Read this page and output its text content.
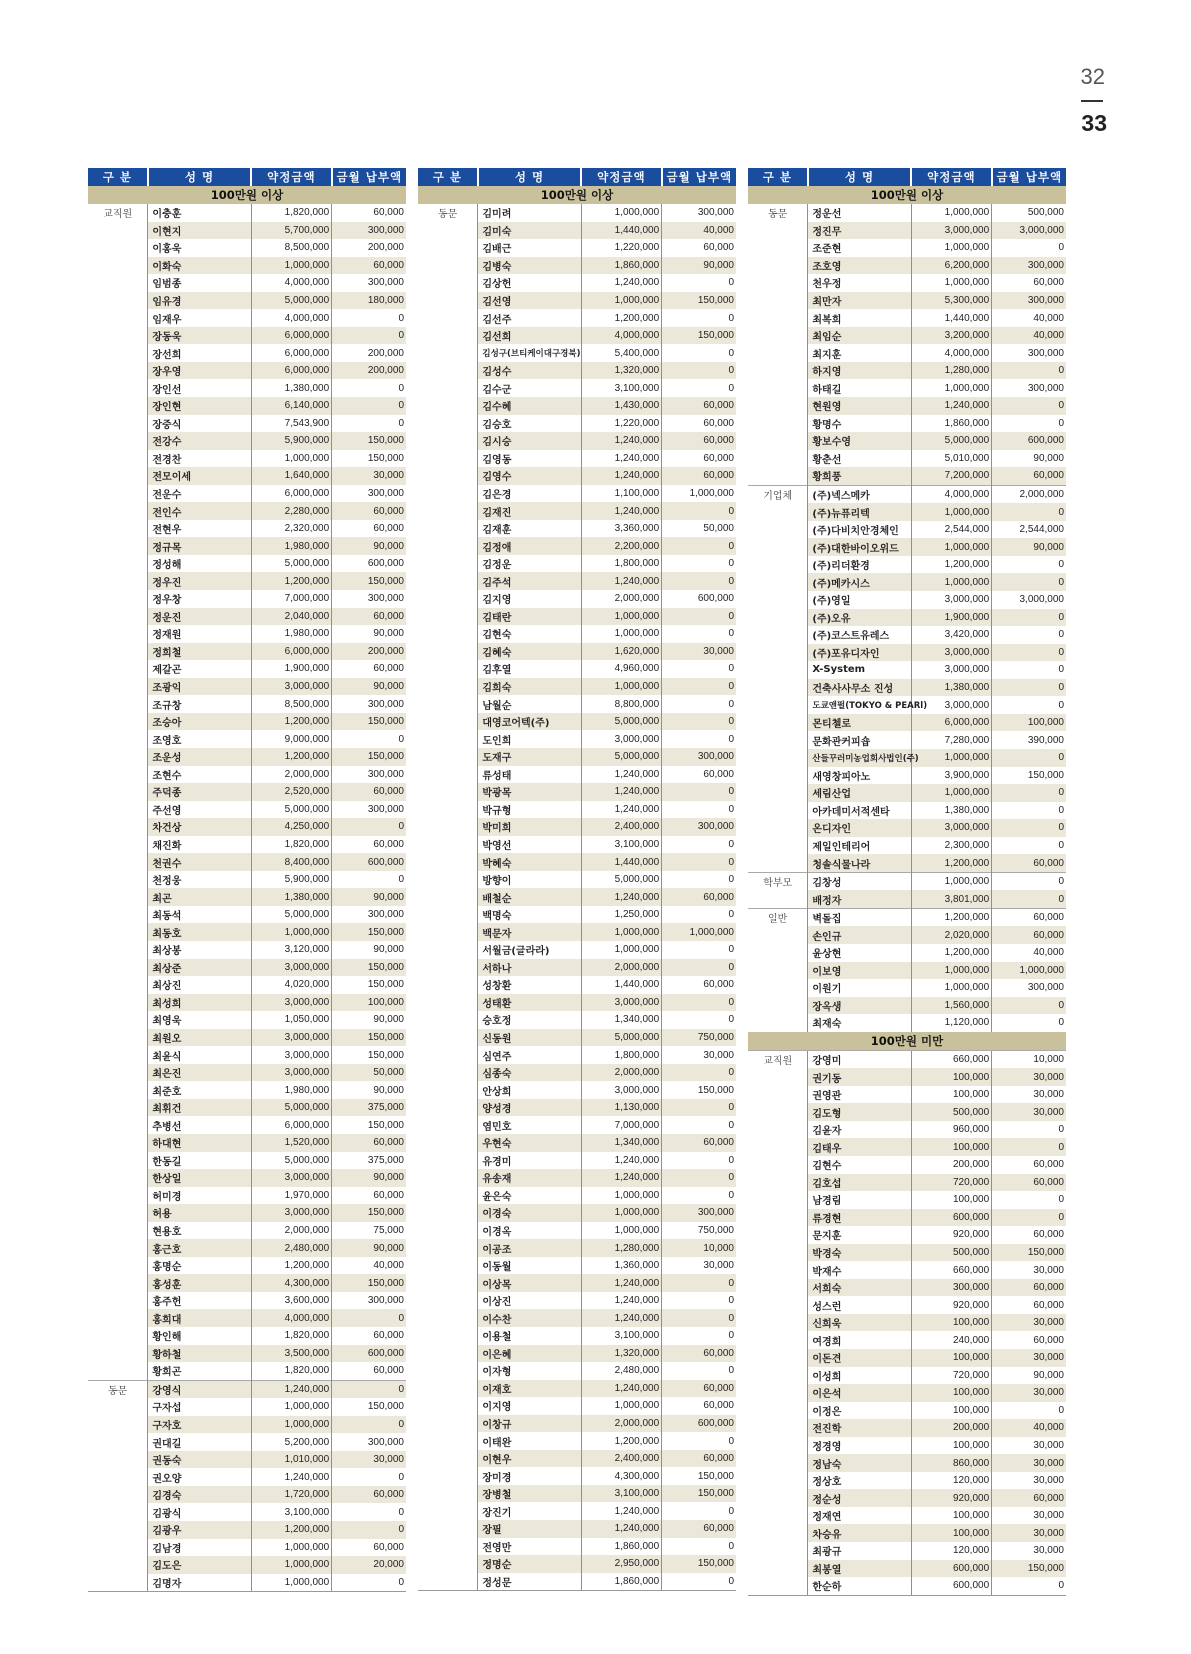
32
33
구 분	성 명	약정금액	금월 납부액
100만원 이상			
교직원	이충훈	1,820,000	60,000
	이현지	5,700,000	300,000
	이홍욱	8,500,000	200,000
	이화숙	1,000,000	60,000
	임범종	4,000,000	300,000
	임유경	5,000,000	180,000
	임재우	4,000,000	0
	장동욱	6,000,000	0
	장선희	6,000,000	200,000
	장우영	6,000,000	200,000
	장인선	1,380,000	0
	장인현	6,140,000	0
	장중식	7,543,900	0
	전강수	5,900,000	150,000
	전경찬	1,000,000	150,000
	전모이세	1,640,000	30,000
	전운수	6,000,000	300,000
	전인수	2,280,000	60,000
	전현우	2,320,000	60,000
	정규목	1,980,000	90,000
	정성해	5,000,000	600,000
	정우진	1,200,000	150,000
	정우창	7,000,000	300,000
	정운진	2,040,000	60,000
	정재원	1,980,000	90,000
	정희철	6,000,000	200,000
	제갈곤	1,900,000	60,000
	조광익	3,000,000	90,000
	조규창	8,500,000	300,000
	조승아	1,200,000	150,000
	조영호	9,000,000	0
	조운성	1,200,000	150,000
	조현수	2,000,000	300,000
	주덕종	2,520,000	60,000
	주선영	5,000,000	300,000
	차건상	4,250,000	0
	채진화	1,820,000	60,000
	천권수	8,400,000	600,000
	천정웅	5,900,000	0
	최곤	1,380,000	90,000
	최동석	5,000,000	300,000
	최동호	1,000,000	150,000
	최상봉	3,120,000	90,000
	최상준	3,000,000	150,000
	최상진	4,020,000	150,000
	최성희	3,000,000	100,000
	최영욱	1,050,000	90,000
	최원오	3,000,000	150,000
	최윤식	3,000,000	150,000
	최은진	3,000,000	50,000
	최준호	1,980,000	90,000
	최휘건	5,000,000	375,000
	추병선	6,000,000	150,000
	하대현	1,520,000	60,000
	한동길	5,000,000	375,000
	한상일	3,000,000	90,000
	허미경	1,970,000	60,000
	허용	3,000,000	150,000
	현용호	2,000,000	75,000
	홍근호	2,480,000	90,000
	홍명순	1,200,000	40,000
	홍성훈	4,300,000	150,000
	홍주헌	3,600,000	300,000
	홍희대	4,000,000	0
	황인해	1,820,000	60,000
	황하철	3,500,000	600,000
	황희곤	1,820,000	60,000
동문	강영식	1,240,000	0
	구자섭	1,000,000	150,000
	구자호	1,000,000	0
	권대길	5,200,000	300,000
	권동숙	1,010,000	30,000
	권오양	1,240,000	0
	김경숙	1,720,000	60,000
	김광식	3,100,000	0
	김광우	1,200,000	0
	김남경	1,000,000	60,000
	김도은	1,000,000	20,000
	김명자	1,000,000	0
구 분	성 명	약정금액	금월 납부액
100만원 이상			
동문	김미려	1,000,000	300,000
	김미숙	1,440,000	40,000
	김배근	1,220,000	60,000
	김병숙	1,860,000	90,000
	김상헌	1,240,000	0
	김선영	1,000,000	150,000
	김선주	1,200,000	0
	김선희	4,000,000	150,000
	김성구(브티케이대구경북)	5,400,000	0
	김성수	1,320,000	0
	김수군	3,100,000	0
	김수혜	1,430,000	60,000
	김승호	1,220,000	60,000
	김시승	1,240,000	60,000
	김영동	1,240,000	60,000
	김영수	1,240,000	60,000
	김은경	1,100,000	1,000,000
	김재진	1,240,000	0
	김재훈	3,360,000	50,000
	김정애	2,200,000	0
	김정운	1,800,000	0
	김주석	1,240,000	0
	김지영	2,000,000	600,000
	김태란	1,000,000	0
	김현숙	1,000,000	0
	김혜숙	1,620,000	30,000
	김후열	4,960,000	0
	김희숙	1,000,000	0
	남월순	8,800,000	0
	대영코어텍(주)	5,000,000	0
	도인희	3,000,000	0
	도재구	5,000,000	300,000
	류성태	1,240,000	60,000
	박광목	1,240,000	0
	박규형	1,240,000	0
	박미희	2,400,000	300,000
	박영선	3,100,000	0
	박혜숙	1,440,000	0
	방향이	5,000,000	0
	배철순	1,240,000	60,000
	백명숙	1,250,000	0
	백문자	1,000,000	1,000,000
	서월금(글라라)	1,000,000	0
	서하나	2,000,000	0
	성창환	1,440,000	60,000
	성태환	3,000,000	0
	승호정	1,340,000	0
	신동원	5,000,000	750,000
	심연주	1,800,000	30,000
	심종숙	2,000,000	0
	안상희	3,000,000	150,000
	양성경	1,130,000	0
	염민호	7,000,000	0
	우현숙	1,340,000	60,000
	유경미	1,240,000	0
	유송재	1,240,000	0
	윤은숙	1,000,000	0
	이경숙	1,000,000	300,000
	이경옥	1,000,000	750,000
	이공조	1,280,000	10,000
	이동월	1,360,000	30,000
	이상목	1,240,000	0
	이상진	1,240,000	0
	이수찬	1,240,000	0
	이용철	3,100,000	0
	이은혜	1,320,000	60,000
	이자형	2,480,000	0
	이재호	1,240,000	60,000
	이지영	1,000,000	60,000
	이창규	2,000,000	600,000
	이태완	1,200,000	0
	이현우	2,400,000	60,000
	장미경	4,300,000	150,000
	장병철	3,100,000	150,000
	장진기	1,240,000	0
	장필	1,240,000	60,000
	전영만	1,860,000	0
	정명순	2,950,000	150,000
	정성문	1,860,000	0
구 분	성 명	약정금액	금월 납부액
100만원 이상			
동문	정운선	1,000,000	500,000
	정진무	3,000,000	3,000,000
	조준현	1,000,000	0
	조호영	6,200,000	300,000
	천우정	1,000,000	60,000
	최만자	5,300,000	300,000
	최복희	1,440,000	40,000
	최임순	3,200,000	40,000
	최지훈	4,000,000	300,000
	하지영	1,280,000	0
	하태길	1,000,000	300,000
	현원영	1,240,000	0
	황명수	1,860,000	0
	황보수영	5,000,000	600,000
	황춘선	5,010,000	90,000
	황희풍	7,200,000	60,000
기업체	(주)넥스메카	4,000,000	2,000,000
	(주)뉴퓨리텍	1,000,000	0
	(주)다비치안경체인	2,544,000	2,544,000
	(주)대한바이오위드	1,000,000	90,000
	(주)리더환경	1,200,000	0
	(주)메카시스	1,000,000	0
	(주)영일	3,000,000	3,000,000
	(주)오유	1,900,000	0
	(주)코스트유레스	3,420,000	0
	(주)포유디자인	3,000,000	0
	X-System	3,000,000	0
	건축사사무소 진성	1,380,000	0
	도쿄앤펄(TOKYO & PEARl)	3,000,000	0
	몬티첼로	6,000,000	100,000
	문화관커피숍	7,280,000	390,000
	산들꾸러미농업회사법인(주)	1,000,000	0
	새영창피아노	3,900,000	150,000
	세림산업	1,000,000	0
	아카데미서적센타	1,380,000	0
	온디자인	3,000,000	0
	제일인테리어	2,300,000	0
	청솔식물나라	1,200,000	60,000
학부모	김창성	1,000,000	0
	배정자	3,801,000	0
일반	벽돌집	1,200,000	60,000
	손인규	2,020,000	60,000
	윤상현	1,200,000	40,000
	이보영	1,000,000	1,000,000
	이원기	1,000,000	300,000
	장옥생	1,560,000	0
	최재숙	1,120,000	0
100만원 미만			
교직원	강영미	660,000	10,000
	권기동	100,000	30,000
	권영관	100,000	30,000
	김도형	500,000	30,000
	김윤자	960,000	0
	김태우	100,000	0
	김현수	200,000	60,000
	김호섭	720,000	60,000
	남경림	100,000	0
	류경현	600,000	0
	문지훈	920,000	60,000
	박경숙	500,000	150,000
	박재수	660,000	30,000
	서희숙	300,000	60,000
	성스런	920,000	60,000
	신희욱	100,000	30,000
	여경희	240,000	60,000
	이돈견	100,000	30,000
	이성희	720,000	90,000
	이은석	100,000	30,000
	이정은	100,000	0
	전진학	200,000	40,000
	정경영	100,000	30,000
	정남숙	860,000	30,000
	정상호	120,000	30,000
	정순성	920,000	60,000
	정재연	100,000	30,000
	차승유	100,000	30,000
	최광규	120,000	30,000
	최봉열	600,000	150,000
	한순하	600,000	0
